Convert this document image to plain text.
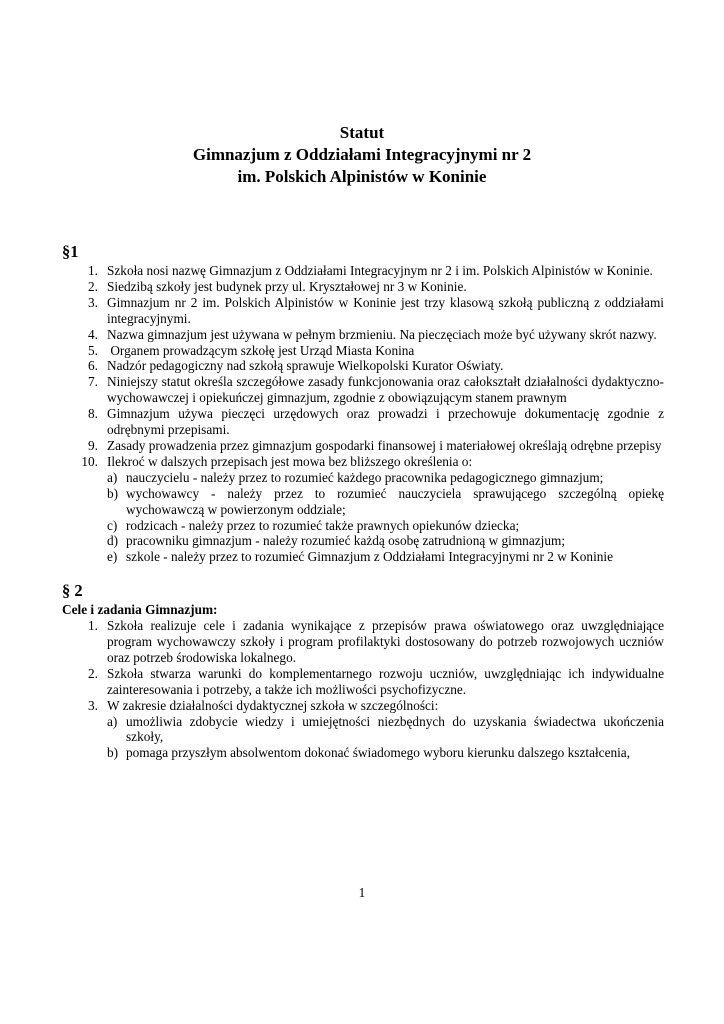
Statut
Gimnazjum z Oddziałami Integracyjnymi nr 2
im. Polskich Alpinistów w Koninie
§1
1. Szkoła nosi nazwę Gimnazjum z Oddziałami Integracyjnym nr 2 i im. Polskich Alpinistów w Koninie.
2. Siedzibą szkoły jest budynek przy ul. Kryształowej nr 3 w Koninie.
3. Gimnazjum nr 2 im. Polskich Alpinistów w Koninie jest trzy klasową szkołą publiczną z oddziałami integracyjnymi.
4. Nazwa gimnazjum jest używana w pełnym brzmieniu. Na pieczęciach może być używany skrót nazwy.
5. Organem prowadzącym szkołę jest Urząd Miasta Konina
6. Nadzór pedagogiczny nad szkołą sprawuje Wielkopolski Kurator Oświaty.
7. Niniejszy statut określa szczegółowe zasady funkcjonowania oraz całokształt działalności dydaktyczno-wychowawczej i opiekuńczej gimnazjum, zgodnie z obowiązującym stanem prawnym
8. Gimnazjum używa pieczęci urzędowych oraz prowadzi i przechowuje dokumentację zgodnie z odrębnymi przepisami.
9. Zasady prowadzenia przez gimnazjum gospodarki finansowej i materiałowej określają odrębne przepisy
10. Ilekroć w dalszych przepisach jest mowa bez bliższego określenia o:
a) nauczycielu - należy przez to rozumieć każdego pracownika pedagogicznego gimnazjum;
b) wychowawcy - należy przez to rozumieć nauczyciela sprawującego szczególną opiekę wychowawczą w powierzonym oddziale;
c) rodzicach - należy przez to rozumieć także prawnych opiekunów dziecka;
d) pracowniku gimnazjum - należy rozumieć każdą osobę zatrudnioną w gimnazjum;
e) szkole - należy przez to rozumieć Gimnazjum z Oddziałami Integracyjnymi nr 2 w Koninie
§ 2
Cele i zadania Gimnazjum:
1. Szkoła realizuje cele i zadania wynikające z przepisów prawa oświatowego oraz uwzględniające program wychowawczy szkoły i program profilaktyki dostosowany do potrzeb rozwojowych uczniów oraz potrzeb środowiska lokalnego.
2. Szkoła stwarza warunki do komplementarnego rozwoju uczniów, uwzględniając ich indywidualne zainteresowania i potrzeby, a także ich możliwości psychofizyczne.
3. W zakresie działalności dydaktycznej szkoła w szczególności:
a) umożliwia zdobycie wiedzy i umiejętności niezbędnych do uzyskania świadectwa ukończenia szkoły,
b) pomaga przyszłym absolwentom dokonać świadomego wyboru kierunku dalszego kształcenia,
1
